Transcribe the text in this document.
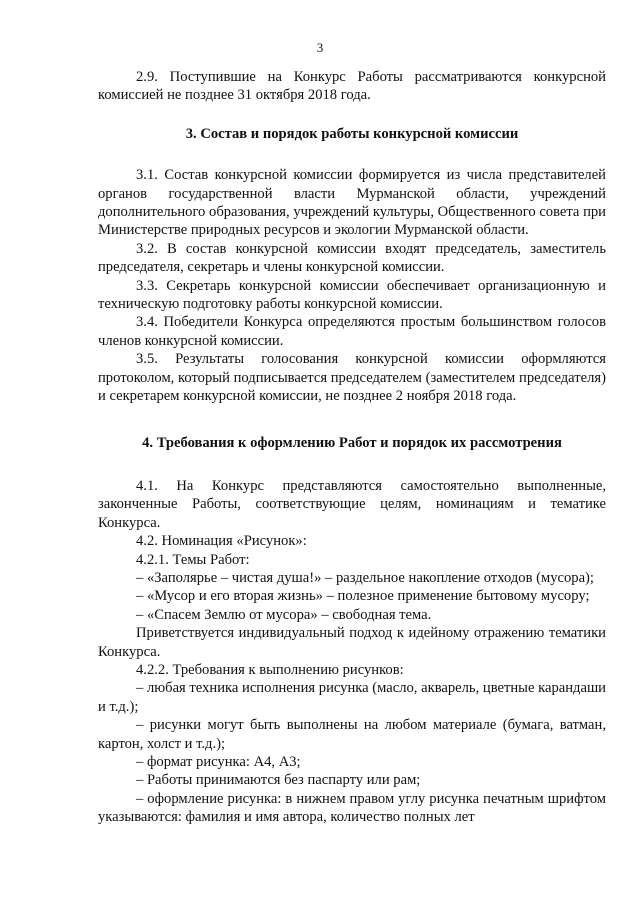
3

2.9. Поступившие на Конкурс Работы рассматриваются конкурсной комиссией не позднее 31 октября 2018 года.

3. Состав и порядок работы конкурсной комиссии

3.1. Состав конкурсной комиссии формируется из числа представителей органов государственной власти Мурманской области, учреждений дополнительного образования, учреждений культуры, Общественного совета при Министерстве природных ресурсов и экологии Мурманской области.

3.2. В состав конкурсной комиссии входят председатель, заместитель председателя, секретарь и члены конкурсной комиссии.

3.3. Секретарь конкурсной комиссии обеспечивает организационную и техническую подготовку работы конкурсной комиссии.

3.4. Победители Конкурса определяются простым большинством голосов членов конкурсной комиссии.

3.5. Результаты голосования конкурсной комиссии оформляются протоколом, который подписывается председателем (заместителем председателя) и секретарем конкурсной комиссии, не позднее 2 ноября 2018 года.

4. Требования к оформлению Работ и порядок их рассмотрения

4.1. На Конкурс представляются самостоятельно выполненные, законченные Работы, соответствующие целям, номинациям и тематике Конкурса.

4.2. Номинация «Рисунок»:

4.2.1. Темы Работ:

– «Заполярье – чистая душа!» – раздельное накопление отходов (мусора);

– «Мусор и его вторая жизнь» – полезное применение бытовому мусору;

– «Спасем Землю от мусора» – свободная тема.

Приветствуется индивидуальный подход к идейному отражению тематики Конкурса.

4.2.2. Требования к выполнению рисунков:

– любая техника исполнения рисунка (масло, акварель, цветные карандаши и т.д.);

– рисунки могут быть выполнены на любом материале (бумага, ватман, картон, холст и т.д.);

– формат рисунка: А4, А3;

– Работы принимаются без паспарту или рам;

– оформление рисунка: в нижнем правом углу рисунка печатным шрифтом указываются: фамилия и имя автора, количество полных лет
